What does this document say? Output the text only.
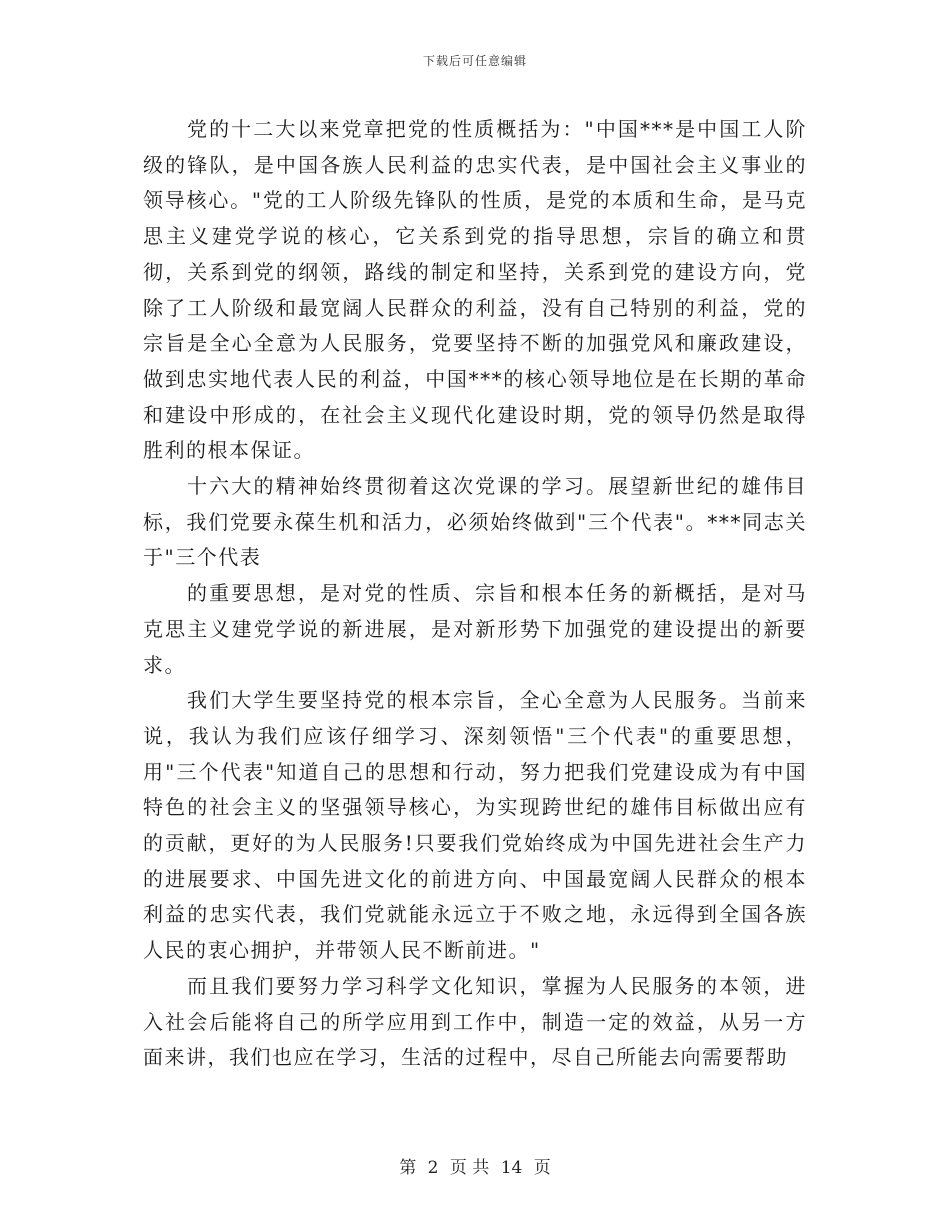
下载后可任意编辑

党的十二大以来党章把党的性质概括为："中国***是中国工人阶级的锋队，是中国各族人民利益的忠实代表，是中国社会主义事业的领导核心。"党的工人阶级先锋队的性质，是党的本质和生命，是马克思主义建党学说的核心，它关系到党的指导思想，宗旨的确立和贯彻，关系到党的纲领，路线的制定和坚持，关系到党的建设方向，党除了工人阶级和最宽阔人民群众的利益，没有自己特别的利益，党的宗旨是全心全意为人民服务，党要坚持不断的加强党风和廉政建设，做到忠实地代表人民的利益，中国***的核心领导地位是在长期的革命和建设中形成的，在社会主义现代化建设时期，党的领导仍然是取得胜利的根本保证。

十六大的精神始终贯彻着这次党课的学习。展望新世纪的雄伟目标，我们党要永葆生机和活力，必须始终做到"三个代表"。***同志关于"三个代表

的重要思想，是对党的性质、宗旨和根本任务的新概括，是对马克思主义建党学说的新进展，是对新形势下加强党的建设提出的新要求。

我们大学生要坚持党的根本宗旨，全心全意为人民服务。当前来说，我认为我们应该仔细学习、深刻领悟"三个代表"的重要思想，用"三个代表"知道自己的思想和行动，努力把我们党建设成为有中国特色的社会主义的坚强领导核心，为实现跨世纪的雄伟目标做出应有的贡献，更好的为人民服务!只要我们党始终成为中国先进社会生产力的进展要求、中国先进文化的前进方向、中国最宽阔人民群众的根本利益的忠实代表，我们党就能永远立于不败之地，永远得到全国各族人民的衷心拥护，并带领人民不断前进。"

而且我们要努力学习科学文化知识，掌握为人民服务的本领，进入社会后能将自己的所学应用到工作中，制造一定的效益，从另一方面来讲，我们也应在学习，生活的过程中，尽自己所能去向需要帮助

第 2 页 共 14 页
